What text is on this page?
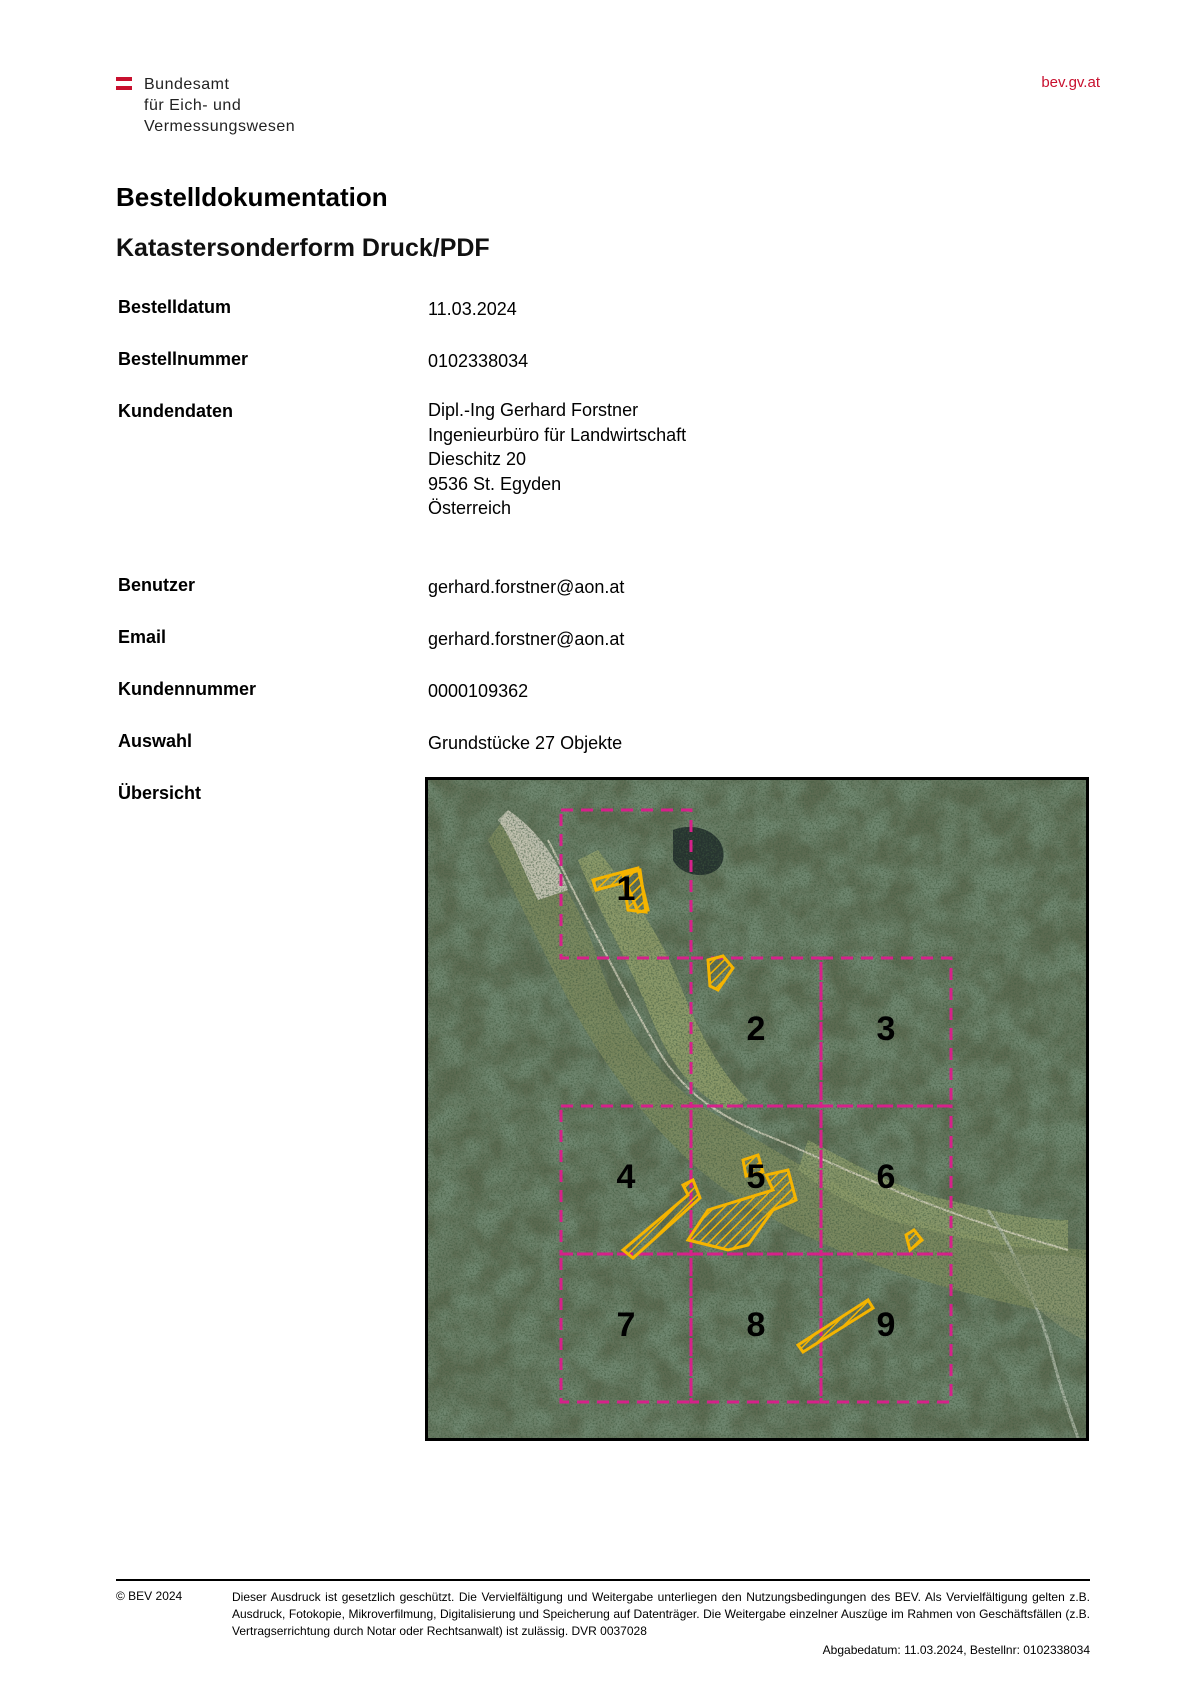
Bundesamt
für Eich- und
Vermessungswesen
bev.gv.at
Bestelldokumentation
Katastersonderform Druck/PDF
Bestelldatum	11.03.2024
Bestellnummer	0102338034
Kundendaten	Dipl.-Ing Gerhard Forstner
Ingenieurbüro für Landwirtschaft
Dieschitz 20
9536 St. Egyden
Österreich
Benutzer	gerhard.forstner@aon.at
Email	gerhard.forstner@aon.at
Kundennummer	0000109362
Auswahl	Grundstücke 27 Objekte
Übersicht
1
2	3
4	5	6
7	8	9
© BEV 2024	Dieser Ausdruck ist gesetzlich geschützt. Die Vervielfältigung und Weitergabe unterliegen den Nutzungsbedingungen des BEV. Als Vervielfältigung gelten z.B. Ausdruck, Fotokopie, Mikroverfilmung, Digitalisierung und Speicherung auf Datenträger. Die Weitergabe einzelner Auszüge im Rahmen von Geschäftsfällen (z.B. Vertragserrichtung durch Notar oder Rechtsanwalt) ist zulässig. DVR 0037028
Abgabedatum: 11.03.2024, Bestellnr: 0102338034
